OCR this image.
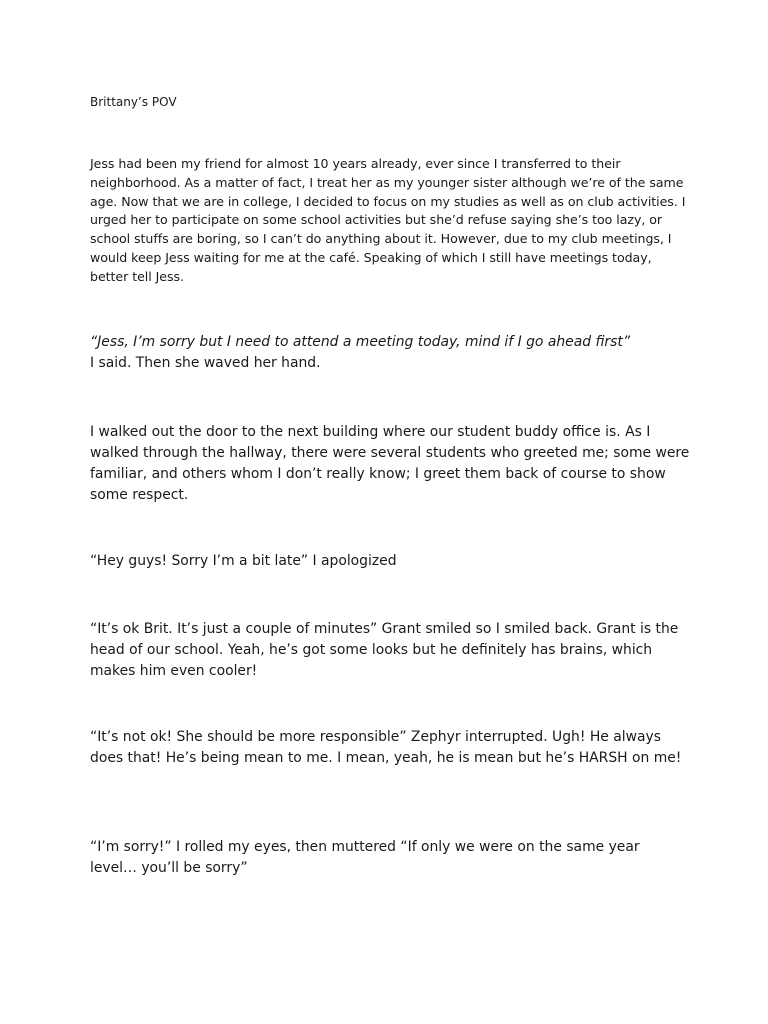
Brittany’s POV

Jess had been my friend for almost 10 years already, ever since I transferred to their neighborhood. As a matter of fact, I treat her as my younger sister although we’re of the same age. Now that we are in college, I decided to focus on my studies as well as on club activities. I urged her to participate on some school activities but she’d refuse saying she’s too lazy, or school stuffs are boring, so I can’t do anything about it. However, due to my club meetings, I would keep Jess waiting for me at the café. Speaking of which I still have meetings today, better tell Jess.

“Jess, I’m sorry but I need to attend a meeting today, mind if I go ahead first”
I said. Then she waved her hand.

I walked out the door to the next building where our student buddy office is. As I walked through the hallway, there were several students who greeted me; some were familiar, and others whom I don’t really know; I greet them back of course to show some respect.

“Hey guys! Sorry I’m a bit late” I apologized

“It’s ok Brit. It’s just a couple of minutes” Grant smiled so I smiled back. Grant is the head of our school. Yeah, he’s got some looks but he definitely has brains, which makes him even cooler!

“It’s not ok! She should be more responsible” Zephyr interrupted. Ugh! He always does that! He’s being mean to me. I mean, yeah, he is mean but he’s HARSH on me!

“I’m sorry!” I rolled my eyes, then muttered “If only we were on the same year level… you’ll be sorry”
